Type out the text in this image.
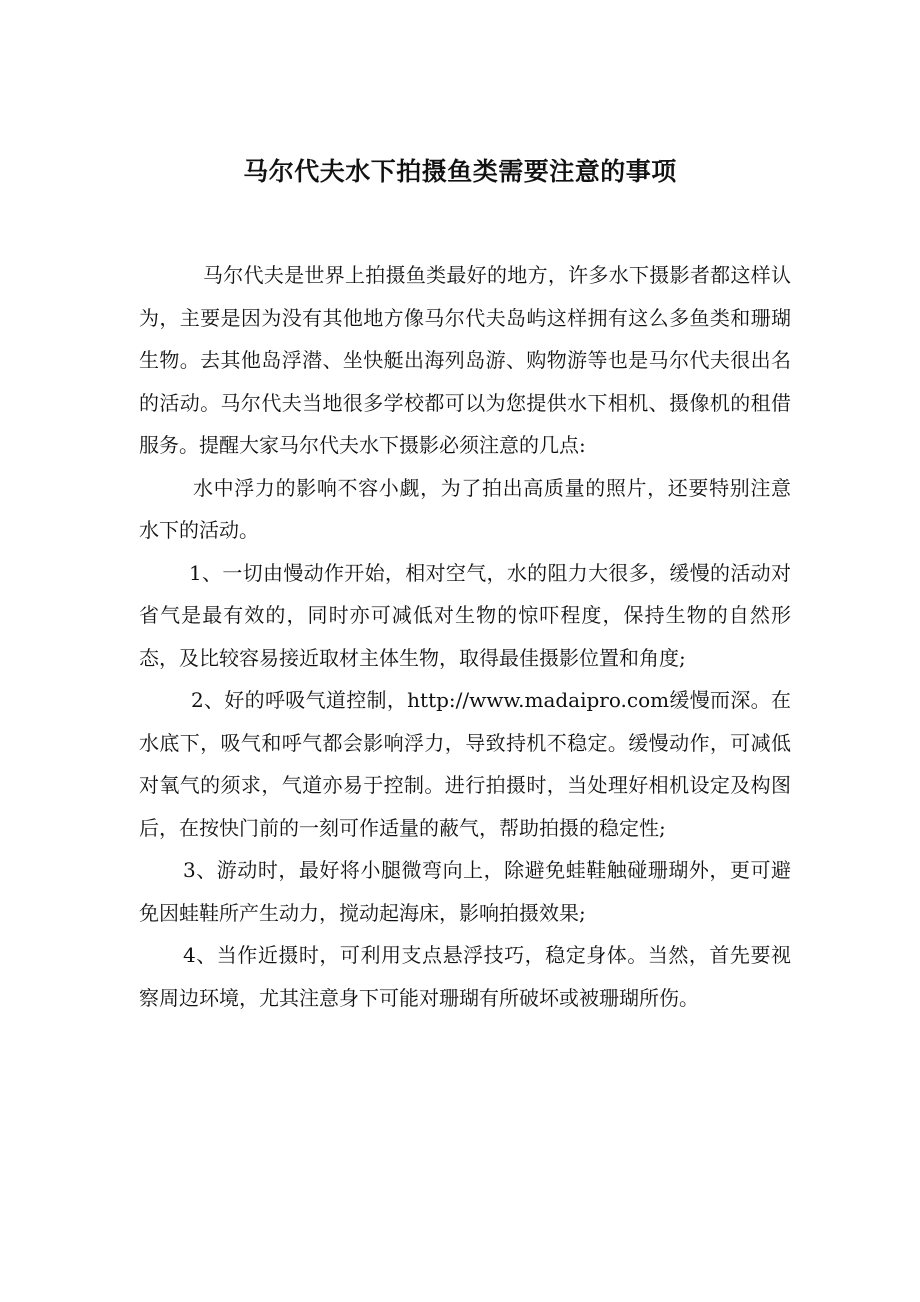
马尔代夫水下拍摄鱼类需要注意的事项

马尔代夫是世界上拍摄鱼类最好的地方，许多水下摄影者都这样认为，主要是因为没有其他地方像马尔代夫岛屿这样拥有这么多鱼类和珊瑚生物。去其他岛浮潜、坐快艇出海列岛游、购物游等也是马尔代夫很出名的活动。马尔代夫当地很多学校都可以为您提供水下相机、摄像机的租借服务。提醒大家马尔代夫水下摄影必须注意的几点:

水中浮力的影响不容小觑，为了拍出高质量的照片，还要特别注意水下的活动。

1、一切由慢动作开始，相对空气，水的阻力大很多，缓慢的活动对省气是最有效的，同时亦可减低对生物的惊吓程度，保持生物的自然形态，及比较容易接近取材主体生物，取得最佳摄影位置和角度;

2、好的呼吸气道控制，http://www.madaipro.com缓慢而深。在水底下，吸气和呼气都会影响浮力，导致持机不稳定。缓慢动作，可减低对氧气的须求，气道亦易于控制。进行拍摄时，当处理好相机设定及构图后，在按快门前的一刻可作适量的蔽气，帮助拍摄的稳定性;

3、游动时，最好将小腿微弯向上，除避免蛙鞋触碰珊瑚外，更可避免因蛙鞋所产生动力，搅动起海床，影响拍摄效果;

4、当作近摄时，可利用支点悬浮技巧，稳定身体。当然，首先要视察周边环境，尤其注意身下可能对珊瑚有所破坏或被珊瑚所伤。
